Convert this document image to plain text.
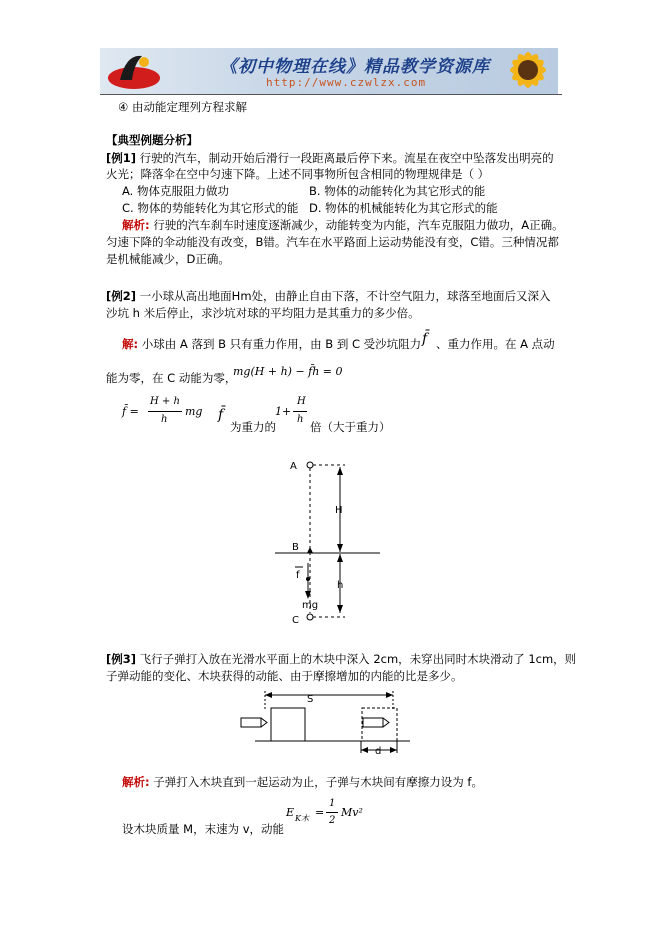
《初中物理在线》精品教学资源库
http://www.czwlzx.com
④ 由动能定理列方程求解
【典型例题分析】
[例1] 行驶的汽车，制动开始后滑行一段距离最后停下来。流星在夜空中坠落发出明亮的
火光；降落伞在空中匀速下降。上述不同事物所包含相同的物理规律是（ ）
A. 物体克服阻力做功	B. 物体的动能转化为其它形式的能
C. 物体的势能转化为其它形式的能 D. 物体的机械能转化为其它形式的能
解析: 行驶的汽车刹车时速度逐渐减少，动能转变为内能，汽车克服阻力做功，A正确。
匀速下降的伞动能没有改变，B错。汽车在水平路面上运动势能没有变，C错。三种情况都
是机械能减少，D正确。
[例2] 一小球从高出地面Hm处，由静止自由下落，不计空气阻力，球落至地面后又深入
沙坑 h 米后停止，求沙坑对球的平均阻力是其重力的多少倍。
解: 小球由 A 落到 B 只有重力作用，由 B 到 C 受沙坑阻力 f̄ 、重力作用。在 A 点动
能为零，在 C 动能为零，
mg(H + h) − f̄h = 0
f̄ =
H + h
h
mg f̄
为重力的
1+
H
h
倍（大于重力）
A
B
C
H
h
f
mg
[例3] 飞行子弹打入放在光滑水平面上的木块中深入 2cm，未穿出同时木块滑动了 1cm，则
子弹动能的变化、木块获得的动能、由于摩擦增加的内能的比是多少。
S
d
解析: 子弹打入木块直到一起运动为止，子弹与木块间有摩擦力设为 f。
设木块质量 M，末速为 v，动能
E K木 =
1
2
Mv²
